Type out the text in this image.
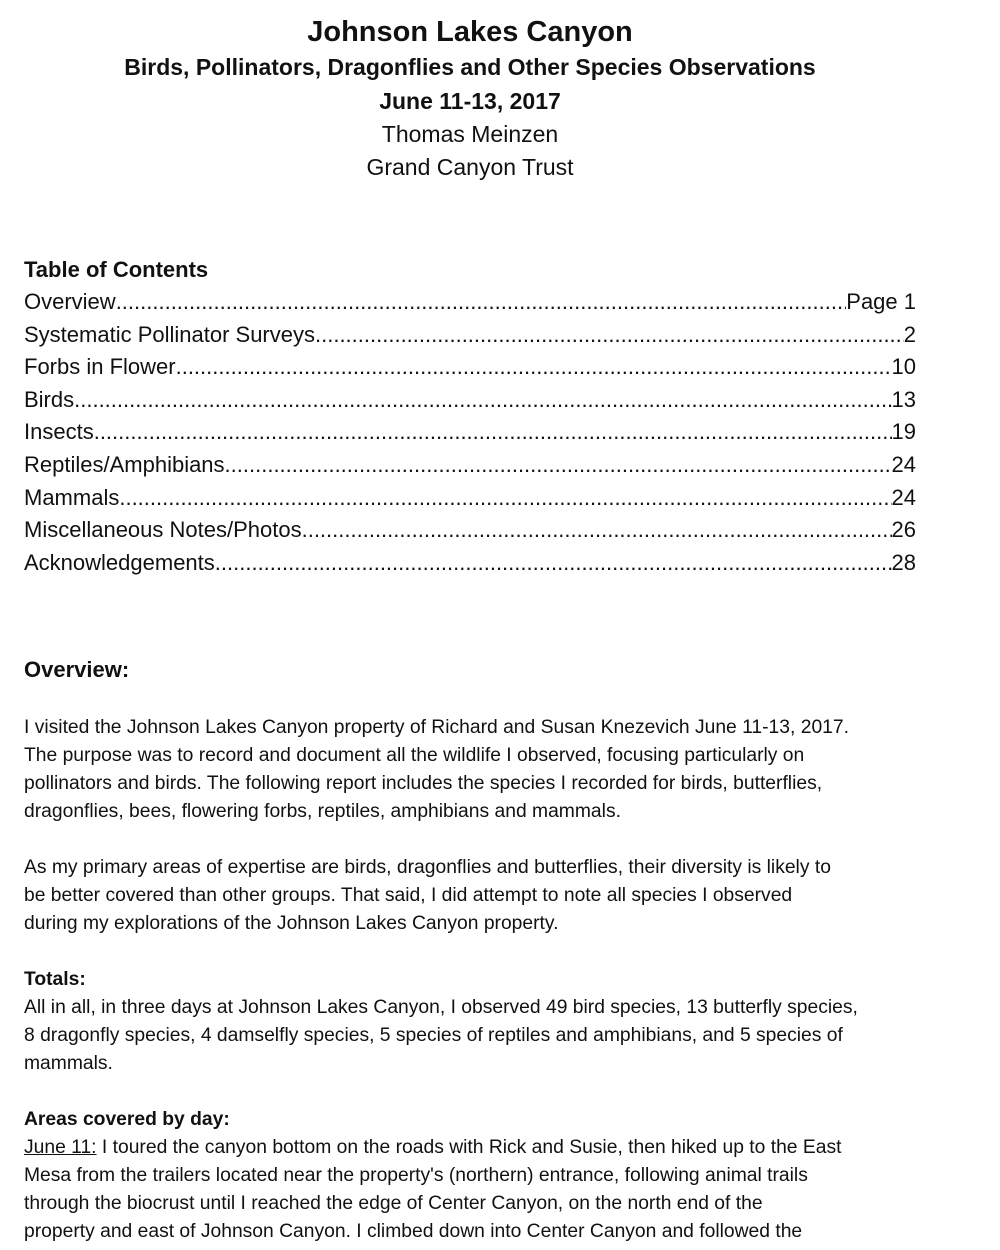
Johnson Lakes Canyon
Birds, Pollinators, Dragonflies and Other Species Observations
June 11-13, 2017
Thomas Meinzen
Grand Canyon Trust
Table of Contents
Overview .....	Page 1
Systematic Pollinator Surveys .....	2
Forbs in Flower .....	10
Birds .....	13
Insects .....	19
Reptiles/Amphibians .....	24
Mammals .....	24
Miscellaneous Notes/Photos .....	26
Acknowledgements .....	28
Overview:

I visited the Johnson Lakes Canyon property of Richard and Susan Knezevich June 11-13, 2017.

The purpose was to record and document all the wildlife I observed, focusing particularly on

pollinators and birds. The following report includes the species I recorded for birds, butterflies,

dragonflies, bees, flowering forbs, reptiles, amphibians and mammals.

As my primary areas of expertise are birds, dragonflies and butterflies, their diversity is likely to

be better covered than other groups. That said, I did attempt to note all species I observed

during my explorations of the Johnson Lakes Canyon property.

Totals:

All in all, in three days at Johnson Lakes Canyon, I observed 49 bird species, 13 butterfly species,

8 dragonfly species, 4 damselfly species, 5 species of reptiles and amphibians, and 5 species of

mammals.

Areas covered by day:

June 11: I toured the canyon bottom on the roads with Rick and Susie, then hiked up to the East

Mesa from the trailers located near the property's (northern) entrance, following animal trails

through the biocrust until I reached the edge of Center Canyon, on the north end of the

property and east of Johnson Canyon. I climbed down into Center Canyon and followed the
